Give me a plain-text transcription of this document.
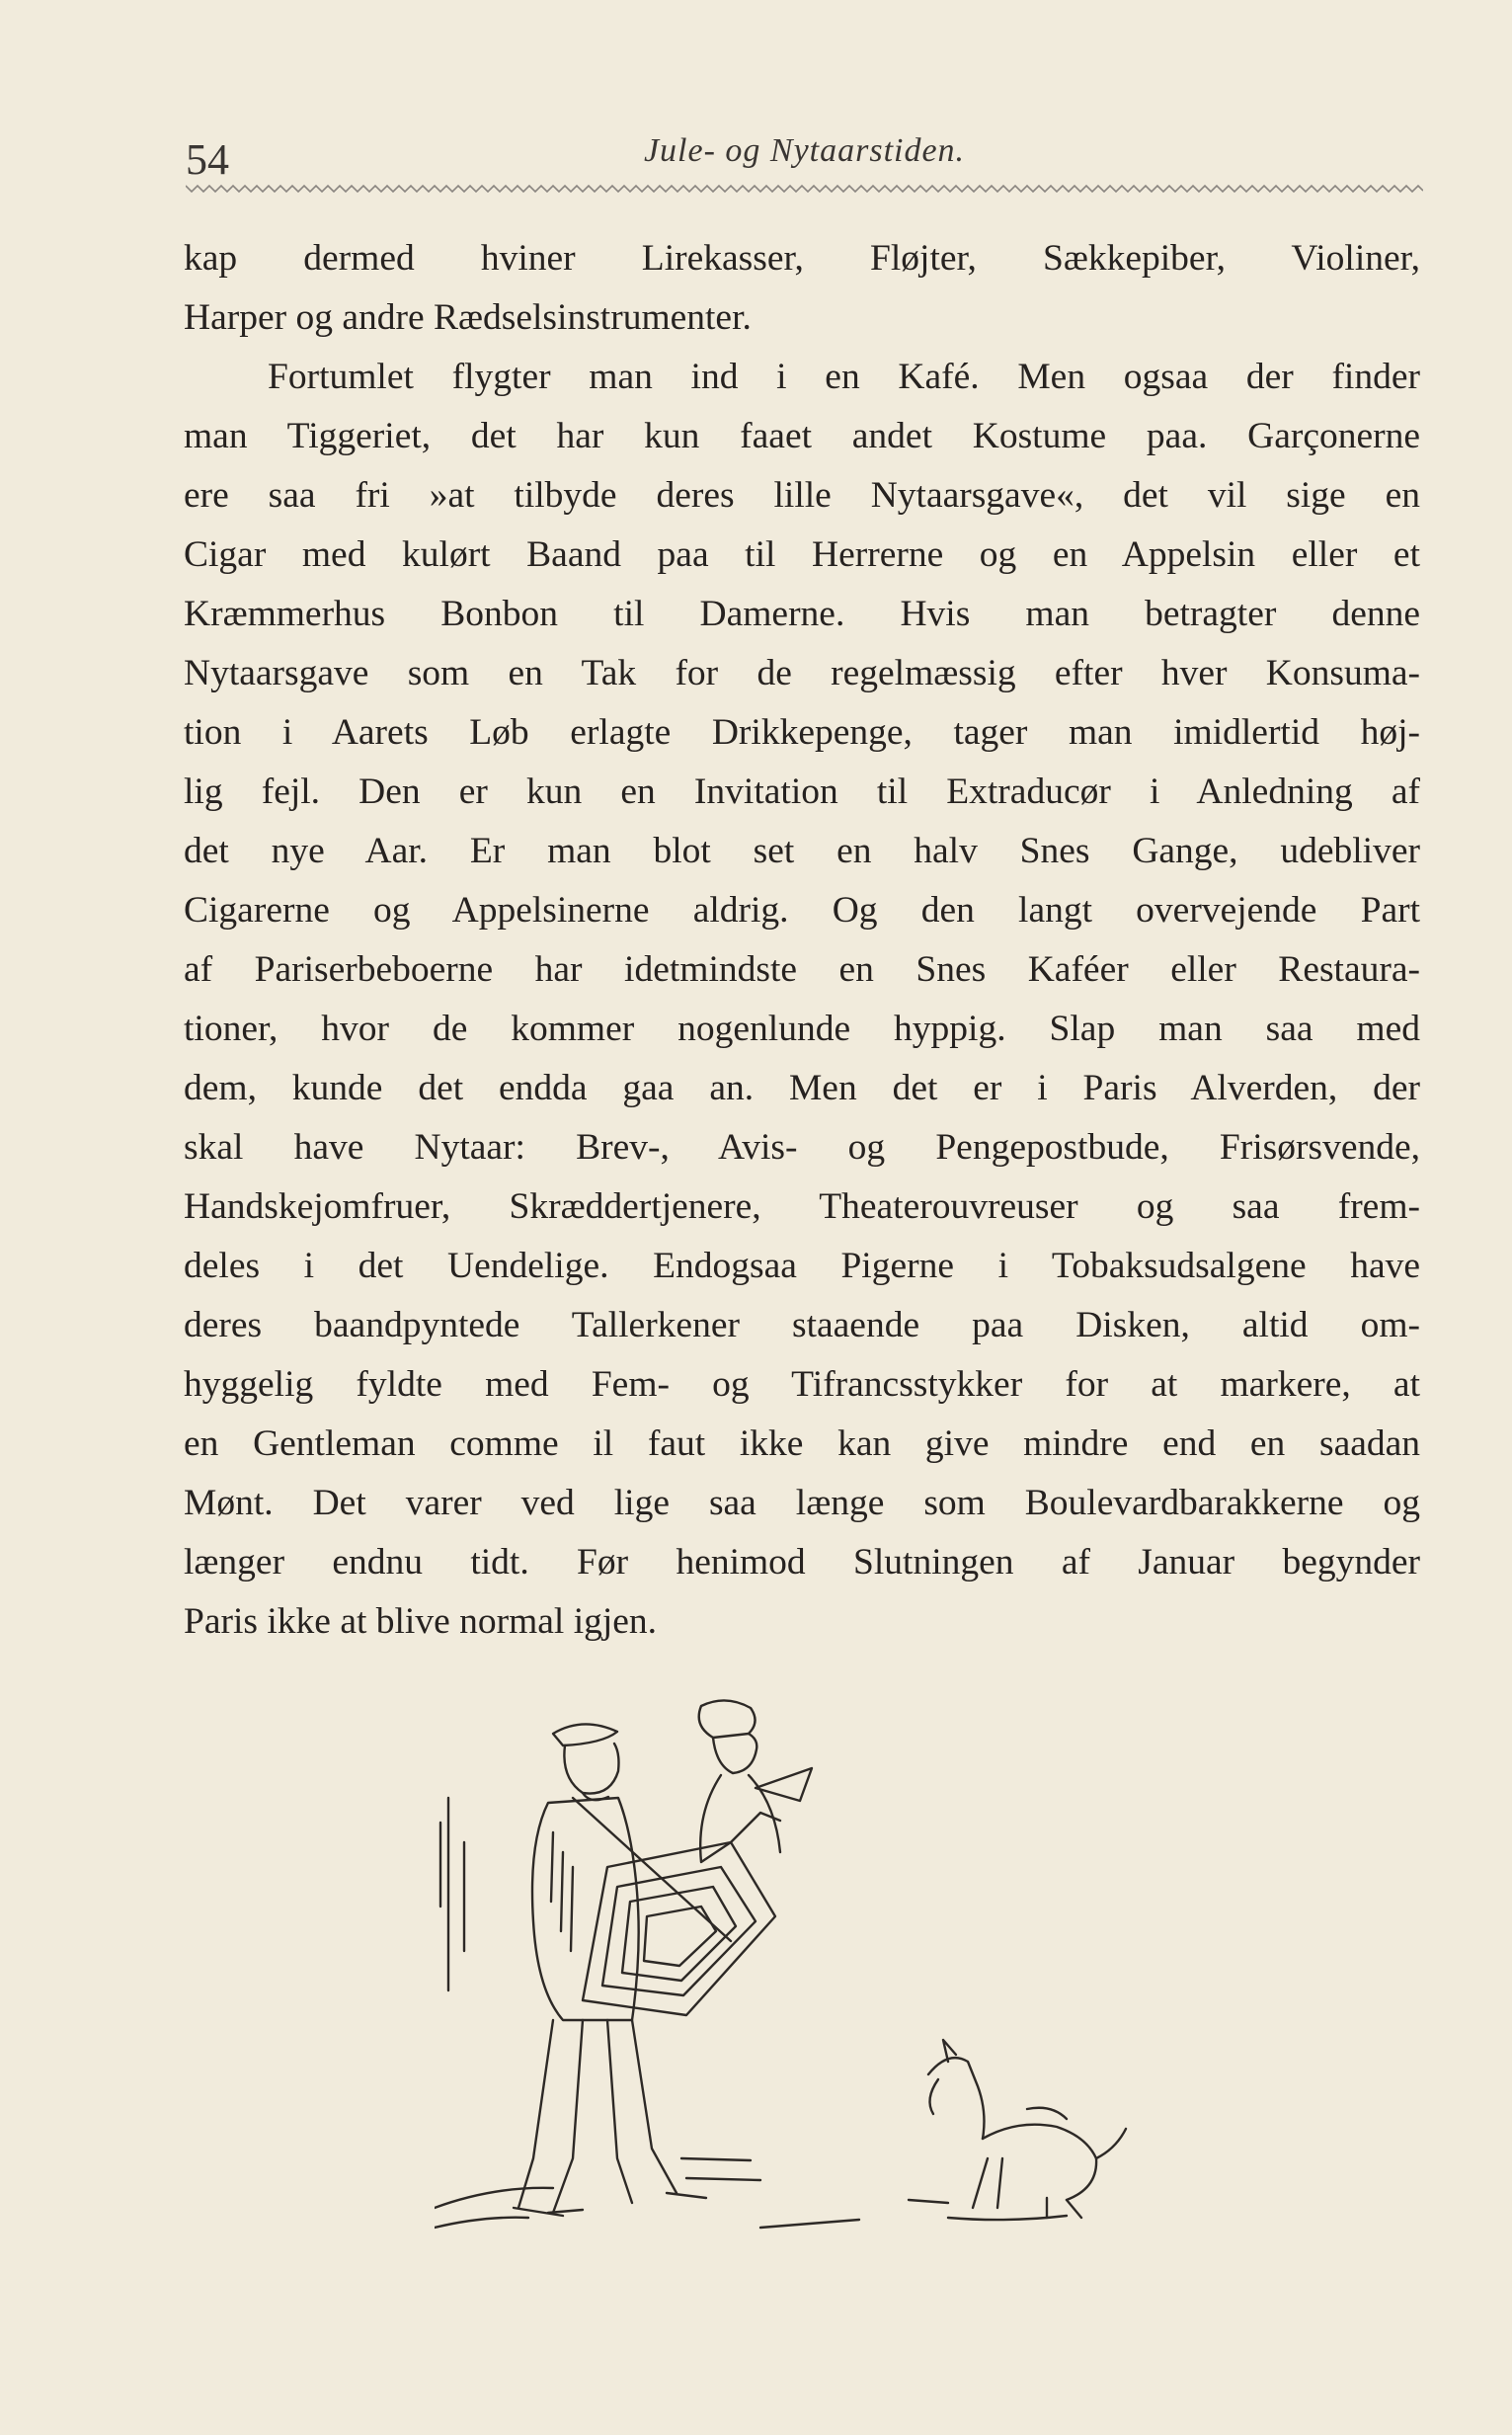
54	Jule- og Nytaarstiden.
kap dermed hviner Lirekasser, Fløjter, Sækkepiber, Violiner,
Harper og andre Rædselsinstrumenter.
Fortumlet flygter man ind i en Kafé. Men ogsaa der finder
man Tiggeriet, det har kun faaet andet Kostume paa. Garçonerne
ere saa fri »at tilbyde deres lille Nytaarsgave«, det vil sige en
Cigar med kulørt Baand paa til Herrerne og en Appelsin eller et
Kræmmerhus Bonbon til Damerne. Hvis man betragter denne
Nytaarsgave som en Tak for de regelmæssig efter hver Konsuma-
tion i Aarets Løb erlagte Drikkepenge, tager man imidlertid høj-
lig fejl. Den er kun en Invitation til Extraducør i Anledning af
det nye Aar. Er man blot set en halv Snes Gange, udebliver
Cigarerne og Appelsinerne aldrig. Og den langt overvejende Part
af Pariserbeboerne har idetmindste en Snes Kaféer eller Restaura-
tioner, hvor de kommer nogenlunde hyppig. Slap man saa med
dem, kunde det endda gaa an. Men det er i Paris Alverden, der
skal have Nytaar: Brev-, Avis- og Pengepostbude, Frisørsvende,
Handskejomfruer, Skræddertjenere, Theaterouvreuser og saa frem-
deles i det Uendelige. Endogsaa Pigerne i Tobaksudsalgene have
deres baandpyntede Tallerkener staaende paa Disken, altid om-
hyggelig fyldte med Fem- og Tifrancsstykker for at markere, at
en Gentleman comme il faut ikke kan give mindre end en saadan
Mønt. Det varer ved lige saa længe som Boulevardbarakkerne og
længer endnu tidt. Før henimod Slutningen af Januar begynder
Paris ikke at blive normal igjen.
